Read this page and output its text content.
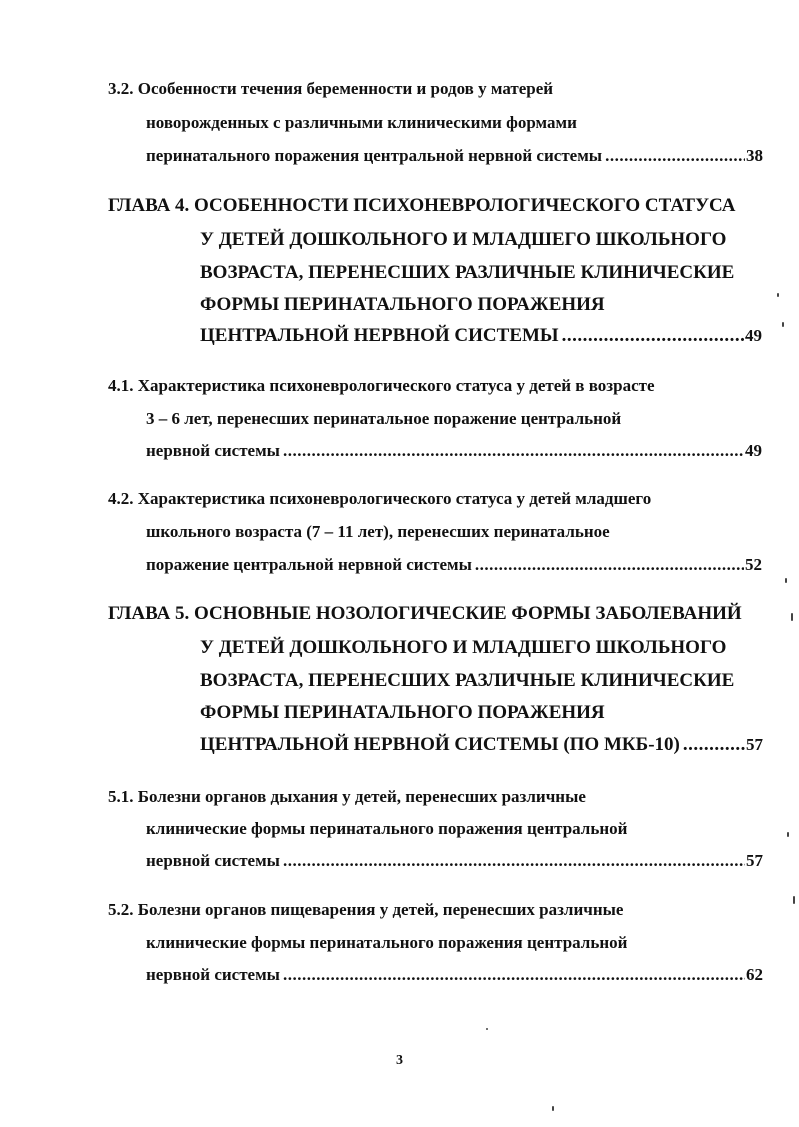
3.2. Особенности течения беременности и родов у матерей
новорожденных с различными клиническими формами
перинатального поражения центральной нервной системы .....	38
ГЛАВА 4. ОСОБЕННОСТИ ПСИХОНЕВРОЛОГИЧЕСКОГО СТАТУСА
У ДЕТЕЙ ДОШКОЛЬНОГО И МЛАДШЕГО ШКОЛЬНОГО
ВОЗРАСТА, ПЕРЕНЕСШИХ РАЗЛИЧНЫЕ КЛИНИЧЕСКИЕ
ФОРМЫ ПЕРИНАТАЛЬНОГО ПОРАЖЕНИЯ
ЦЕНТРАЛЬНОЙ НЕРВНОЙ СИСТЕМЫ .....	49
4.1. Характеристика психоневрологического статуса у детей в возрасте
3 – 6 лет, перенесших перинатальное поражение центральной
нервной системы .....	49
4.2. Характеристика психоневрологического статуса у детей младшего
школьного возраста (7 – 11 лет), перенесших перинатальное
поражение центральной нервной системы .....	52
ГЛАВА 5. ОСНОВНЫЕ НОЗОЛОГИЧЕСКИЕ ФОРМЫ ЗАБОЛЕВАНИЙ
У ДЕТЕЙ ДОШКОЛЬНОГО И МЛАДШЕГО ШКОЛЬНОГО
ВОЗРАСТА, ПЕРЕНЕСШИХ РАЗЛИЧНЫЕ КЛИНИЧЕСКИЕ
ФОРМЫ ПЕРИНАТАЛЬНОГО ПОРАЖЕНИЯ
ЦЕНТРАЛЬНОЙ НЕРВНОЙ СИСТЕМЫ (ПО МКБ-10) .....	57
5.1. Болезни органов дыхания у детей, перенесших различные
клинические формы перинатального поражения центральной
нервной системы .....	57
5.2. Болезни органов пищеварения у детей, перенесших различные
клинические формы перинатального поражения центральной
нервной системы .....	62
3
